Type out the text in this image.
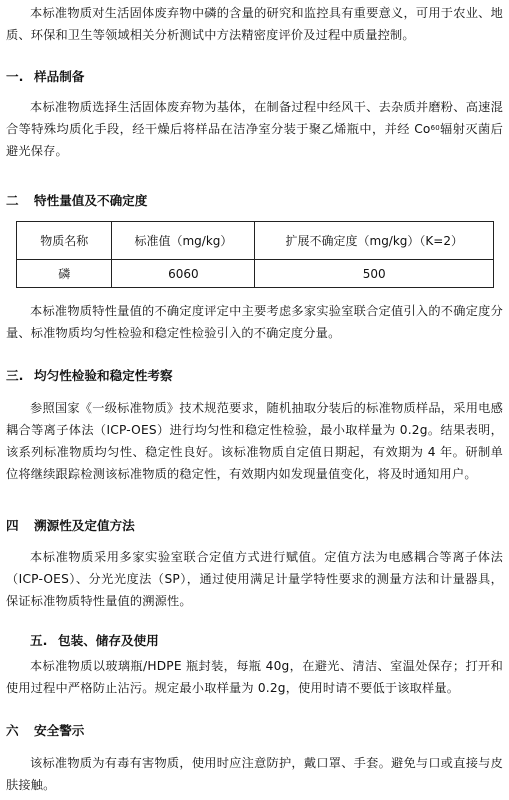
本标准物质对生活固体废弃物中磷的含量的研究和监控具有重要意义，可用于农业、地质、环保和卫生等领域相关分析测试中方法精密度评价及过程中质量控制。
一. 样品制备
本标准物质选择生活固体废弃物为基体，在制备过程中经风干、去杂质并磨粉、高速混合等特殊均质化手段，经干燥后将样品在洁净室分装于聚乙烯瓶中，并经 Co$^{60}$辐射灭菌后避光保存。
二 特性量值及不确定度
物质名称	标准值（mg/kg）	扩展不确定度（mg/kg）（K=2）
磷	6060	500
本标准物质特性量值的不确定度评定中主要考虑多家实验室联合定值引入的不确定度分量、标准物质均匀性检验和稳定性检验引入的不确定度分量。
三. 均匀性检验和稳定性考察
参照国家《一级标准物质》技术规范要求，随机抽取分装后的标准物质样品，采用电感耦合等离子体法（ICP-OES）进行均匀性和稳定性检验，最小取样量为 0.2g。结果表明，该系列标准物质均匀性、稳定性良好。该标准物质自定值日期起，有效期为 4 年。研制单位将继续跟踪检测该标准物质的稳定性，有效期内如发现量值变化，将及时通知用户。
四 溯源性及定值方法
本标准物质采用多家实验室联合定值方式进行赋值。定值方法为电感耦合等离子体法（ICP-OES）、分光光度法（SP），通过使用满足计量学特性要求的测量方法和计量器具，保证标准物质特性量值的溯源性。
五. 包装、储存及使用
本标准物质以玻璃瓶/HDPE 瓶封装，每瓶 40g，在避光、清洁、室温处保存；打开和使用过程中严格防止沾污。规定最小取样量为 0.2g，使用时请不要低于该取样量。
六 安全警示
该标准物质为有毒有害物质，使用时应注意防护，戴口罩、手套。避免与口或直接与皮肤接触。
